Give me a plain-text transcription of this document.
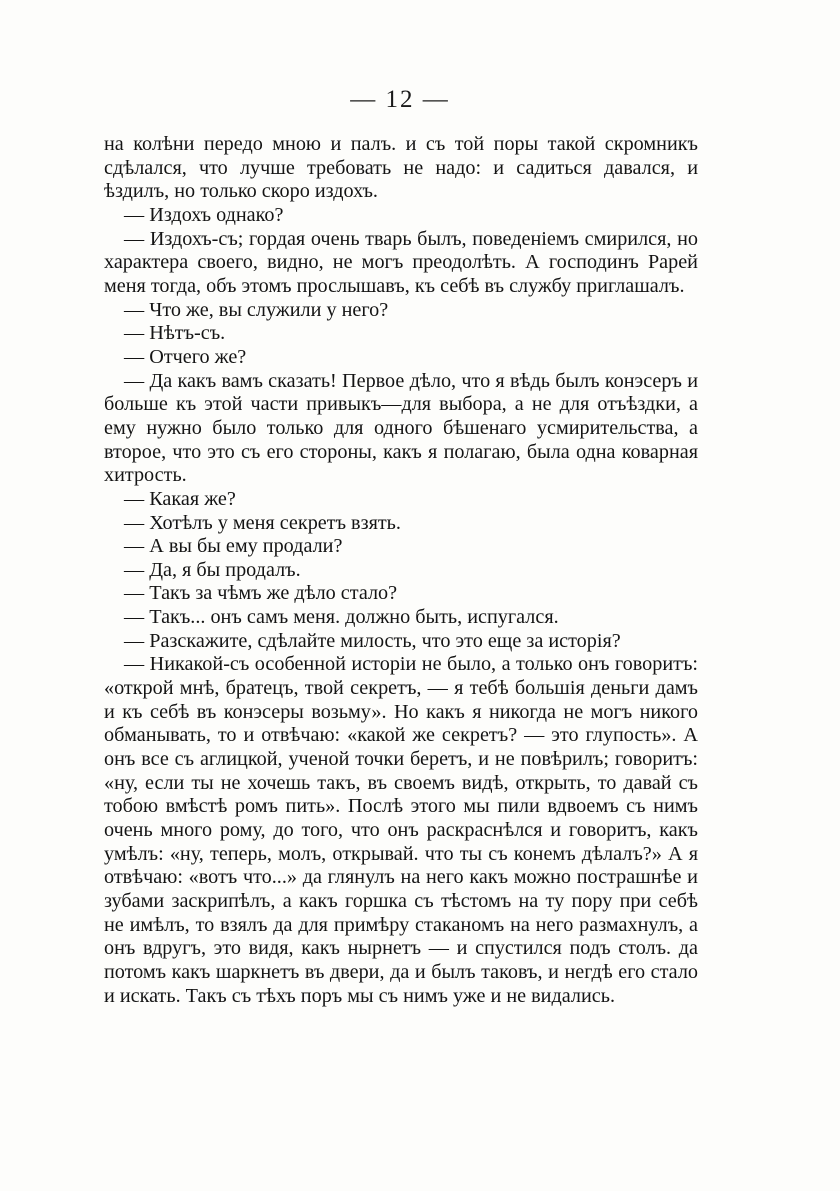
— 12 —

на колѣни передо мною и палъ. и съ той поры такой скромникъ сдѣлался, что лучше требовать не надо: и садиться давался, и ѣздилъ, но только скоро издохъ.

— Издохъ однако?

— Издохъ-съ; гордая очень тварь былъ, поведеніемъ смирился, но характера своего, видно, не могъ преодолѣть. А господинъ Рарей меня тогда, объ этомъ прослышавъ, къ себѣ въ службу приглашалъ.

— Что же, вы служили у него?

— Нѣтъ-съ.

— Отчего же?

— Да какъ вамъ сказать! Первое дѣло, что я вѣдь былъ конэсеръ и больше къ этой части привыкъ—для выбора, а не для отъѣздки, а ему нужно было только для одного бѣшенаго усмирительства, а второе, что это съ его стороны, какъ я полагаю, была одна коварная хитрость.

— Какая же?

— Хотѣлъ у меня секретъ взять.

— А вы бы ему продали?

— Да, я бы продалъ.

— Такъ за чѣмъ же дѣло стало?

— Такъ... онъ самъ меня. должно быть, испугался.

— Разскажите, сдѣлайте милость, что это еще за исторія?

— Никакой-съ особенной исторіи не было, а только онъ говоритъ: «открой мнѣ, братецъ, твой секретъ, — я тебѣ большія деньги дамъ и къ себѣ въ конэсеры возьму». Но какъ я никогда не могъ никого обманывать, то и отвѣчаю: «какой же секретъ? — это глупость». А онъ все съ аглицкой, ученой точки беретъ, и не повѣрилъ; говоритъ: «ну, если ты не хочешь такъ, въ своемъ видѣ, открыть, то давай съ тобою вмѣстѣ ромъ пить». Послѣ этого мы пили вдвоемъ съ нимъ очень много рому, до того, что онъ раскраснѣлся и говоритъ, какъ умѣлъ: «ну, теперь, молъ, открывай. что ты съ конемъ дѣлалъ?» А я отвѣчаю: «вотъ что...» да глянулъ на него какъ можно пострашнѣе и зубами заскрипѣлъ, а какъ горшка съ тѣстомъ на ту пору при себѣ не имѣлъ, то взялъ да для примѣру стаканомъ на него размахнулъ, а онъ вдругъ, это видя, какъ нырнетъ — и спустился подъ столъ. да потомъ какъ шаркнетъ въ двери, да и былъ таковъ, и негдѣ его стало и искать. Такъ съ тѣхъ поръ мы съ нимъ уже и не видались.
